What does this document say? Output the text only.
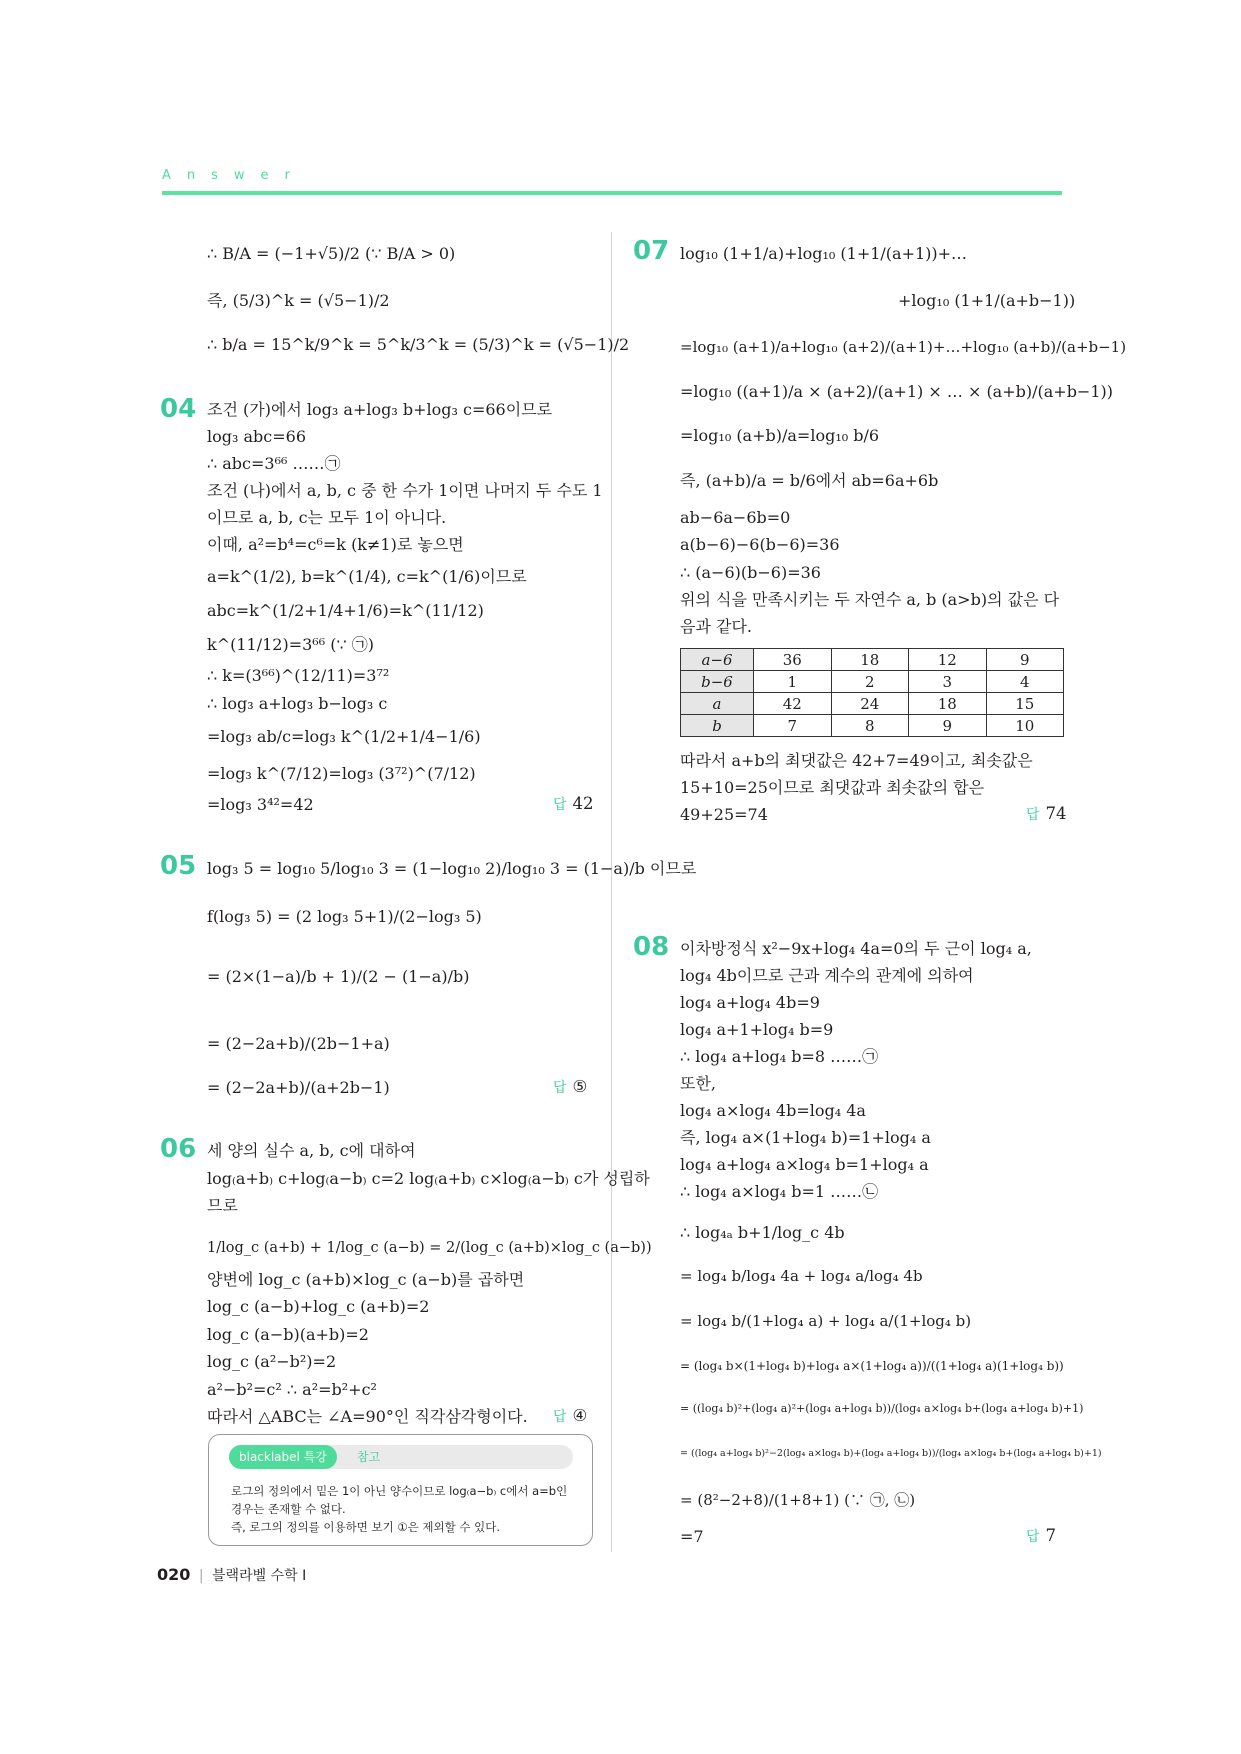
Answer
∴ B/A = (−1+√5)/2 (∵ B/A > 0)
즉, (5/3)^k = (√5−1)/2
∴ b/a = 15^k/9^k = 5^k/3^k = (5/3)^k = (√5−1)/2
04 조건 (가)에서 log₃ a+log₃ b+log₃ c=66이므로
log₃ abc=66
∴ abc=3⁶⁶ ……㉠
조건 (나)에서 a, b, c 중 한 수가 1이면 나머지 두 수도 1
이므로 a, b, c는 모두 1이 아니다.
이때, a²=b⁴=c⁶=k (k≠1)로 놓으면
a=k^(1/2), b=k^(1/4), c=k^(1/6)이므로
abc=k^(1/2+1/4+1/6)=k^(11/12)
k^(11/12)=3⁶⁶ (∵ ㉠)
∴ k=(3⁶⁶)^(12/11)=3⁷²
∴ log₃ a+log₃ b−log₃ c
=log₃ ab/c=log₃ k^(1/2+1/4−1/6)
=log₃ k^(7/12)=log₃ (3⁷²)^(7/12)
=log₃ 3⁴²=42	답 42
05 log₃ 5 = log₁₀ 5/log₁₀ 3 = (1−log₁₀ 2)/log₁₀ 3 = (1−a)/b 이므로
f(log₃ 5) = (2 log₃ 5+1)/(2−log₃ 5)
= (2×(1−a)/b + 1)/(2 − (1−a)/b)
= (2−2a+b)/(2b−1+a)
= (2−2a+b)/(a+2b−1)	답 ⑤
06 세 양의 실수 a, b, c에 대하여
log₍a+b₎ c+log₍a−b₎ c=2 log₍a+b₎ c×log₍a−b₎ c가 성립하
므로
1/log_c (a+b) + 1/log_c (a−b) = 2/(log_c (a+b)×log_c (a−b))
양변에 log_c (a+b)×log_c (a−b)를 곱하면
log_c (a−b)+log_c (a+b)=2
log_c (a−b)(a+b)=2
log_c (a²−b²)=2
a²−b²=c² ∴ a²=b²+c²
따라서 △ABC는 ∠A=90°인 직각삼각형이다. 답 ④
blacklabel 특강	참고
로그의 정의에서 밑은 1이 아닌 양수이므로 log₍a−b₎ c에서 a=b인
경우는 존재할 수 없다.
즉, 로그의 정의를 이용하면 보기 ①은 제외할 수 있다.
07 log₁₀ (1+1/a)+log₁₀ (1+1/(a+1))+…
+log₁₀ (1+1/(a+b−1))
=log₁₀ (a+1)/a+log₁₀ (a+2)/(a+1)+…+log₁₀ (a+b)/(a+b−1)
=log₁₀ ((a+1)/a × (a+2)/(a+1) × … × (a+b)/(a+b−1))
=log₁₀ (a+b)/a=log₁₀ b/6
즉, (a+b)/a = b/6에서 ab=6a+6b
ab−6a−6b=0
a(b−6)−6(b−6)=36
∴ (a−6)(b−6)=36
위의 식을 만족시키는 두 자연수 a, b (a>b)의 값은 다
음과 같다.
a−6	36	18	12	9
b−6	1	2	3	4
a	42	24	18	15
b	7	8	9	10
따라서 a+b의 최댓값은 42+7=49이고, 최솟값은
15+10=25이므로 최댓값과 최솟값의 합은
49+25=74	답 74
08 이차방정식 x²−9x+log₄ 4a=0의 두 근이 log₄ a,
log₄ 4b이므로 근과 계수의 관계에 의하여
log₄ a+log₄ 4b=9
log₄ a+1+log₄ b=9
∴ log₄ a+log₄ b=8 ……㉠
또한,
log₄ a×log₄ 4b=log₄ 4a
즉, log₄ a×(1+log₄ b)=1+log₄ a
log₄ a+log₄ a×log₄ b=1+log₄ a
∴ log₄ a×log₄ b=1 ……㉡
∴ log₄ₐ b+1/log_c 4b
= log₄ b/log₄ 4a + log₄ a/log₄ 4b
= log₄ b/(1+log₄ a) + log₄ a/(1+log₄ b)
= (log₄ b×(1+log₄ b)+log₄ a×(1+log₄ a))/((1+log₄ a)(1+log₄ b))
= ((log₄ b)²+(log₄ a)²+(log₄ a+log₄ b))/(log₄ a×log₄ b+(log₄ a+log₄ b)+1)
= ((log₄ a+log₄ b)²−2(log₄ a×log₄ b)+(log₄ a+log₄ b))/(log₄ a×log₄ b+(log₄ a+log₄ b)+1)
= (8²−2+8)/(1+8+1) (∵ ㉠, ㉡)
=7	답 7
020 | 블랙라벨 수학 I
